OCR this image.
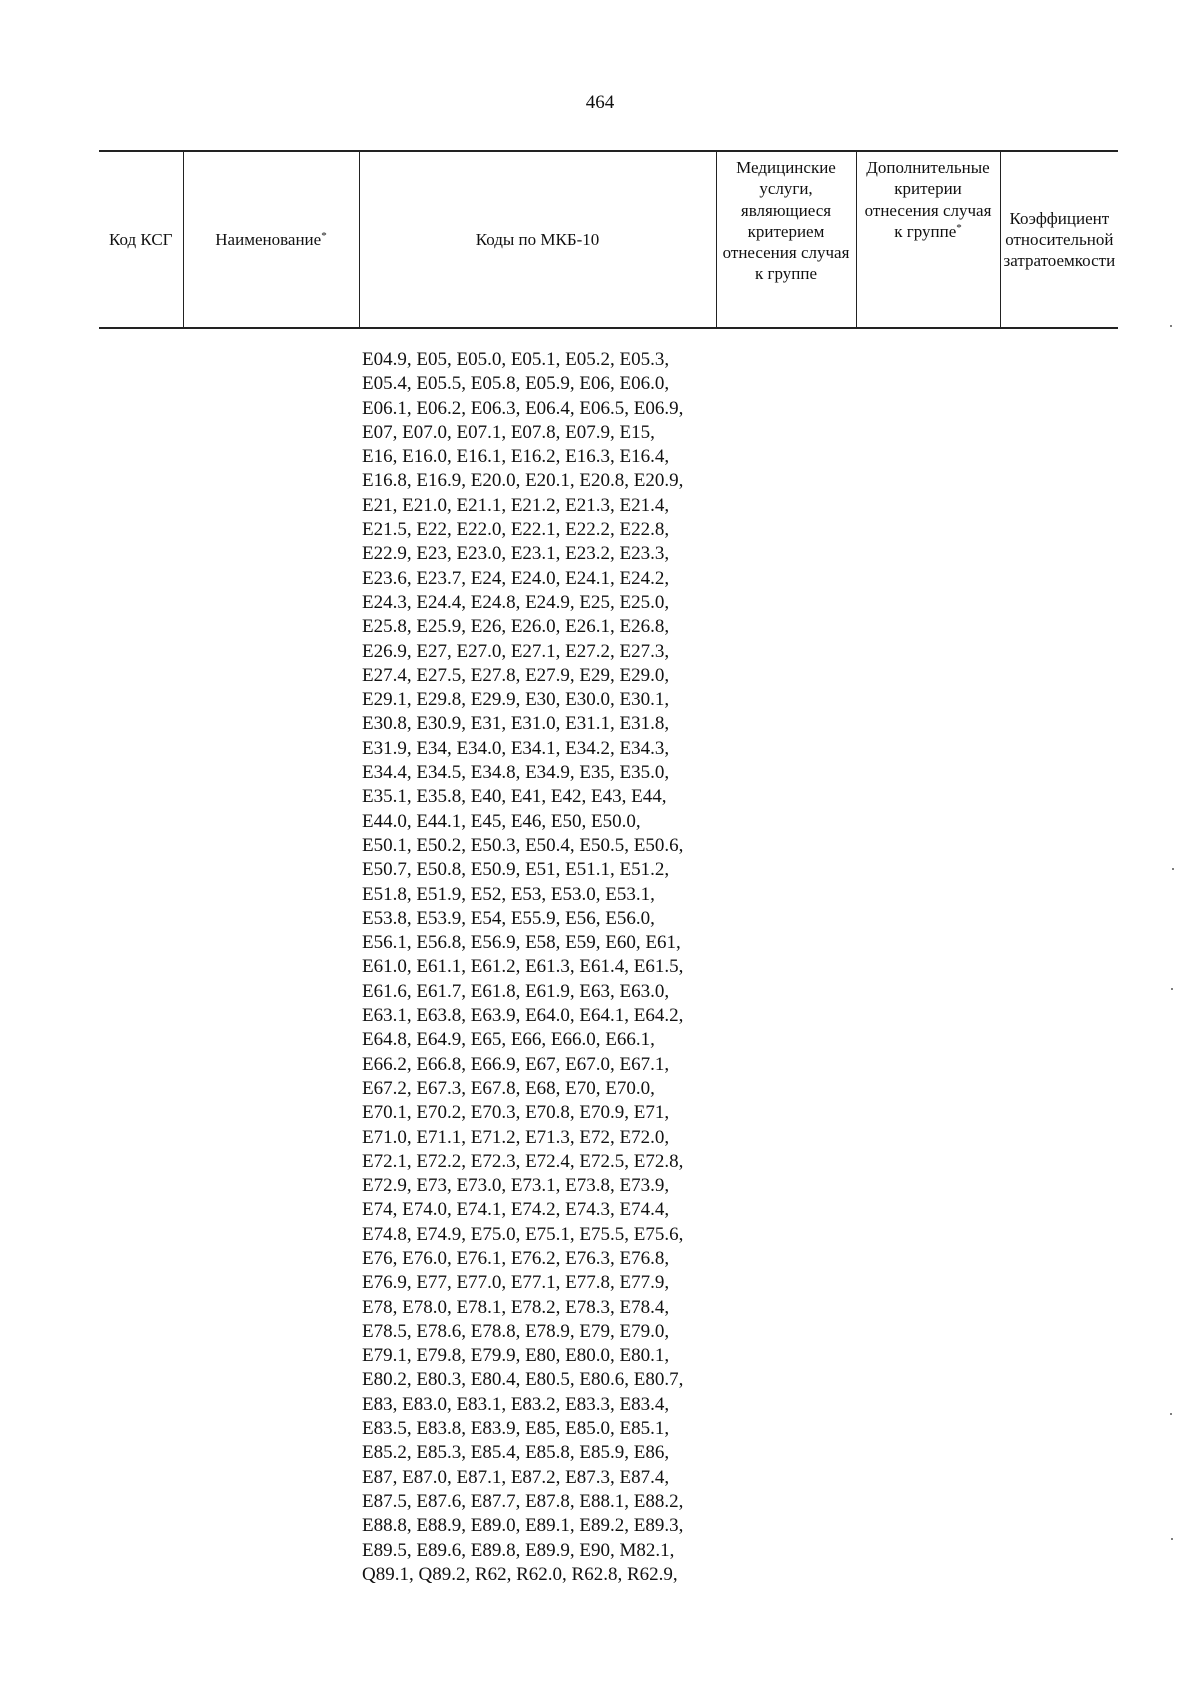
464
Код КСГ	Наименование*	Коды по МКБ-10	Медицинские услуги, являющиеся критерием отнесения случая к группе	Дополнительные критерии отнесения случая к группе*	Коэффициент относительной затратоемкости
E04.9, E05, E05.0, E05.1, E05.2, E05.3,
E05.4, E05.5, E05.8, E05.9, E06, E06.0,
E06.1, E06.2, E06.3, E06.4, E06.5, E06.9,
E07, E07.0, E07.1, E07.8, E07.9, E15,
E16, E16.0, E16.1, E16.2, E16.3, E16.4,
E16.8, E16.9, E20.0, E20.1, E20.8, E20.9,
E21, E21.0, E21.1, E21.2, E21.3, E21.4,
E21.5, E22, E22.0, E22.1, E22.2, E22.8,
E22.9, E23, E23.0, E23.1, E23.2, E23.3,
E23.6, E23.7, E24, E24.0, E24.1, E24.2,
E24.3, E24.4, E24.8, E24.9, E25, E25.0,
E25.8, E25.9, E26, E26.0, E26.1, E26.8,
E26.9, E27, E27.0, E27.1, E27.2, E27.3,
E27.4, E27.5, E27.8, E27.9, E29, E29.0,
E29.1, E29.8, E29.9, E30, E30.0, E30.1,
E30.8, E30.9, E31, E31.0, E31.1, E31.8,
E31.9, E34, E34.0, E34.1, E34.2, E34.3,
E34.4, E34.5, E34.8, E34.9, E35, E35.0,
E35.1, E35.8, E40, E41, E42, E43, E44,
E44.0, E44.1, E45, E46, E50, E50.0,
E50.1, E50.2, E50.3, E50.4, E50.5, E50.6,
E50.7, E50.8, E50.9, E51, E51.1, E51.2,
E51.8, E51.9, E52, E53, E53.0, E53.1,
E53.8, E53.9, E54, E55.9, E56, E56.0,
E56.1, E56.8, E56.9, E58, E59, E60, E61,
E61.0, E61.1, E61.2, E61.3, E61.4, E61.5,
E61.6, E61.7, E61.8, E61.9, E63, E63.0,
E63.1, E63.8, E63.9, E64.0, E64.1, E64.2,
E64.8, E64.9, E65, E66, E66.0, E66.1,
E66.2, E66.8, E66.9, E67, E67.0, E67.1,
E67.2, E67.3, E67.8, E68, E70, E70.0,
E70.1, E70.2, E70.3, E70.8, E70.9, E71,
E71.0, E71.1, E71.2, E71.3, E72, E72.0,
E72.1, E72.2, E72.3, E72.4, E72.5, E72.8,
E72.9, E73, E73.0, E73.1, E73.8, E73.9,
E74, E74.0, E74.1, E74.2, E74.3, E74.4,
E74.8, E74.9, E75.0, E75.1, E75.5, E75.6,
E76, E76.0, E76.1, E76.2, E76.3, E76.8,
E76.9, E77, E77.0, E77.1, E77.8, E77.9,
E78, E78.0, E78.1, E78.2, E78.3, E78.4,
E78.5, E78.6, E78.8, E78.9, E79, E79.0,
E79.1, E79.8, E79.9, E80, E80.0, E80.1,
E80.2, E80.3, E80.4, E80.5, E80.6, E80.7,
E83, E83.0, E83.1, E83.2, E83.3, E83.4,
E83.5, E83.8, E83.9, E85, E85.0, E85.1,
E85.2, E85.3, E85.4, E85.8, E85.9, E86,
E87, E87.0, E87.1, E87.2, E87.3, E87.4,
E87.5, E87.6, E87.7, E87.8, E88.1, E88.2,
E88.8, E88.9, E89.0, E89.1, E89.2, E89.3,
E89.5, E89.6, E89.8, E89.9, E90, M82.1,
Q89.1, Q89.2, R62, R62.0, R62.8, R62.9,
